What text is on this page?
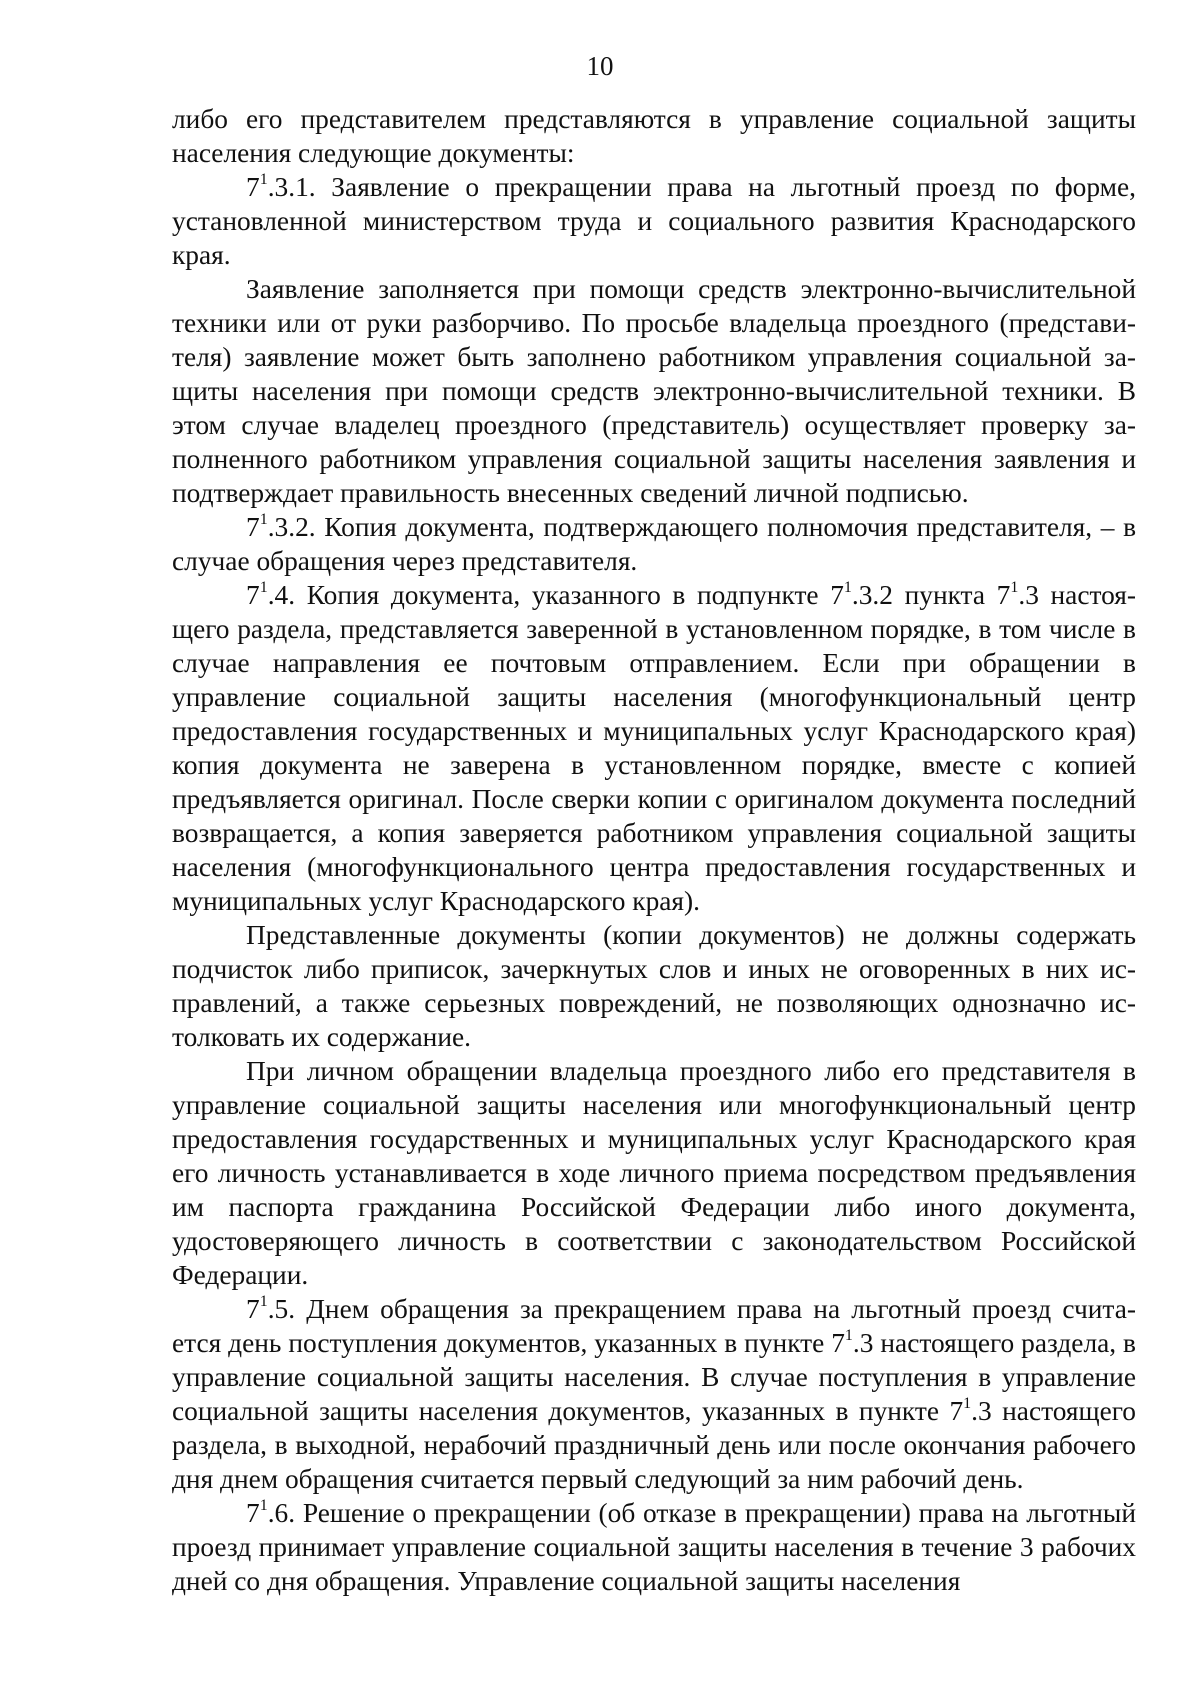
10

либо его представителем представляются в управление социальной защиты населения следующие документы:

$7^1.3.1$. Заявление о прекращении права на льготный проезд по форме, установленной министерством труда и социального развития Краснодарского края.

Заявление заполняется при помощи средств электронно-вычислительной техники или от руки разборчиво. По просьбе владельца проездного (представителя) заявление может быть заполнено работником управления социальной защиты населения при помощи средств электронно-вычислительной техники. В этом случае владелец проездного (представитель) осуществляет проверку заполненного работником управления социальной защиты населения заявления и подтверждает правильность внесенных сведений личной подписью.

$7^1.3.2$. Копия документа, подтверждающего полномочия представителя, – в случае обращения через представителя.

$7^1.4$. Копия документа, указанного в подпункте $7^1.3.2$ пункта $7^1.3$ настоящего раздела, представляется заверенной в установленном порядке, в том числе в случае направления ее почтовым отправлением. Если при обращении в управление социальной защиты населения (многофункциональный центр предоставления государственных и муниципальных услуг Краснодарского края) копия документа не заверена в установленном порядке, вместе с копией предъявляется оригинал. После сверки копии с оригиналом документа последний возвращается, а копия заверяется работником управления социальной защиты населения (многофункционального центра предоставления государственных и муниципальных услуг Краснодарского края).

Представленные документы (копии документов) не должны содержать подчисток либо приписок, зачеркнутых слов и иных не оговоренных в них исправлений, а также серьезных повреждений, не позволяющих однозначно истолковать их содержание.

При личном обращении владельца проездного либо его представителя в управление социальной защиты населения или многофункциональный центр предоставления государственных и муниципальных услуг Краснодарского края его личность устанавливается в ходе личного приема посредством предъявления им паспорта гражданина Российской Федерации либо иного документа, удостоверяющего личность в соответствии с законодательством Российской Федерации.

$7^1.5$. Днем обращения за прекращением права на льготный проезд считается день поступления документов, указанных в пункте $7^1.3$ настоящего раздела, в управление социальной защиты населения. В случае поступления в управление социальной защиты населения документов, указанных в пункте $7^1.3$ настоящего раздела, в выходной, нерабочий праздничный день или после окончания рабочего дня днем обращения считается первый следующий за ним рабочий день.

$7^1.6$. Решение о прекращении (об отказе в прекращении) права на льготный проезд принимает управление социальной защиты населения в течение 3 рабочих дней со дня обращения. Управление социальной защиты населения
